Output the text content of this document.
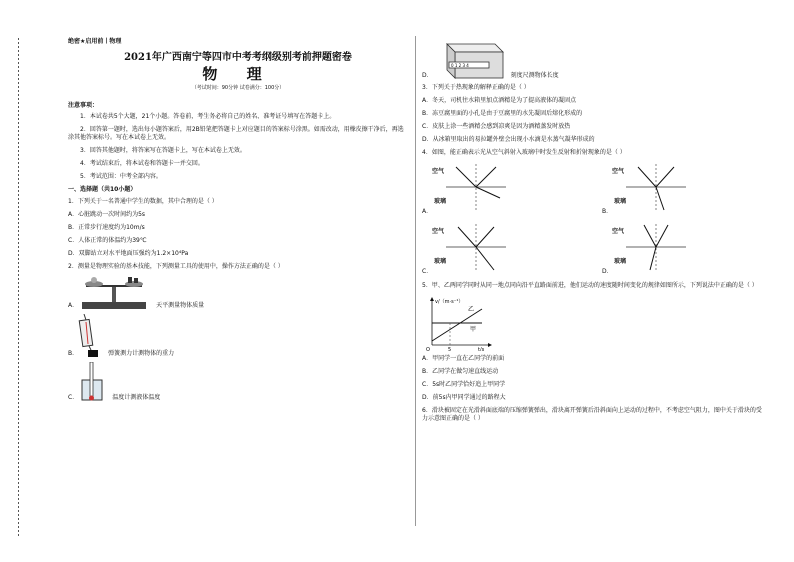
绝密★启用前丨物理
2021年广西南宁等四市中考考纲级别考前押题密卷
物 理
（考试时间：90分钟 试卷满分：100分）
注意事项：
1．本试卷共5个大题，21个小题。答卷前，考生务必将自己的姓名、准考证号填写在答题卡上。
2．回答第一题时，选出每小题答案后，用2B铅笔把答题卡上对应题目的答案标号涂黑。如需改动，用橡皮擦干净后，再选涂其他答案标号。写在本试卷上无效。
3．回答其他题时，将答案写在答题卡上，写在本试卷上无效。
4．考试结束后，将本试卷和答题卡一并交回。
5．考试范围：中考全部内容。
一、选择题（共10小题）
1．下列关于一名普通中学生的数据，其中合理的是（ ）
A．心脏跳动一次时间约为5s
B．正常步行速度约为10m/s
C．人体正常的体温约为39℃
D．双脚站立对水平地面压强约为1.2×10⁴Pa
2．测量是物理实验的基本技能，下列测量工具的使用中，操作方法正确的是（ ）
A．	天平测量物体质量
B．	弹簧测力计测物体的重力
C．	温度计测液体温度
D．
0 1 2 3 4
刻度尺测物体长度
3．下列关于热现象的解释正确的是（ ）
A．冬天，司机往水箱里加点酒精是为了提高液体的凝固点
B．冻豆腐里面的小孔是由于豆腐里的水先凝固后熔化形成的
C．皮肤上涂一些酒精会感到凉爽是因为酒精蒸发时放热
D．从冰箱里取出的易拉罐外壁会出现小水滴是水蒸气凝华形成的
4．如图，能正确表示光从空气斜射入玻璃中时发生反射和折射现象的是（ ）
空气
玻璃
A．
空气
玻璃
B．
空气
玻璃
C．
空气
玻璃
D．
5．甲、乙两同学同时从同一地点同向沿平直路面前进，他们运动的速度随时间变化的规律如图所示，下列说法中正确的是（ ）
v/（m·s⁻¹）
t/s
5
O
乙
甲
A．甲同学一直在乙同学的前面
B．乙同学在做匀速直线运动
C．5s时乙同学恰好追上甲同学
D．前5s内甲同学通过的路程大
6．滑块被固定在光滑斜面底端的压缩弹簧弹出，滑块离开弹簧后沿斜面向上运动的过程中，不考虑空气阻力，图中关于滑块的受力示意图正确的是（ ）
